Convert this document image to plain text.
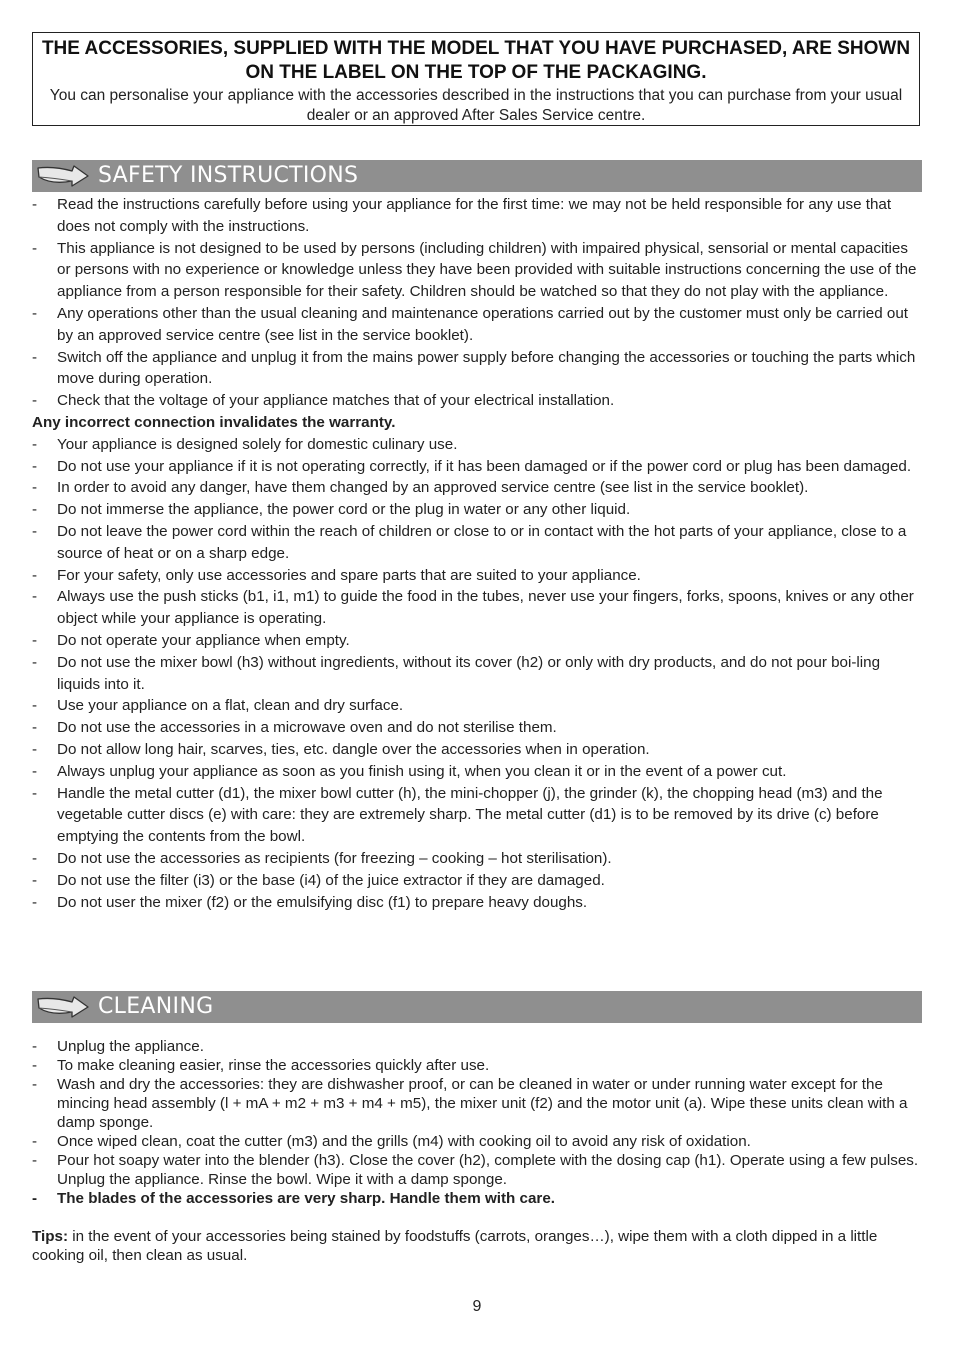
THE ACCESSORIES, SUPPLIED WITH THE MODEL THAT YOU HAVE PURCHASED, ARE SHOWN ON THE LABEL ON THE TOP OF THE PACKAGING.
You can personalise your appliance with the accessories described in the instructions that you can purchase from your usual dealer or an approved After Sales Service centre.
SAFETY INSTRUCTIONS
- Read the instructions carefully before using your appliance for the first time: we may not be held responsible for any use that does not comply with the instructions.
- This appliance is not designed to be used by persons (including children) with impaired physical, sensorial or mental capacities or persons with no experience or knowledge unless they have been provided with suitable instructions concerning the use of the appliance from a person responsible for their safety. Children should be watched so that they do not play with the appliance.
- Any operations other than the usual cleaning and maintenance operations carried out by the customer must only be carried out by an approved service centre (see list in the service booklet).
- Switch off the appliance and unplug it from the mains power supply before changing the accessories or touching the parts which move during operation.
- Check that the voltage of your appliance matches that of your electrical installation.
Any incorrect connection invalidates the warranty.
- Your appliance is designed solely for domestic culinary use.
- Do not use your appliance if it is not operating correctly, if it has been damaged or if the power cord or plug has been damaged.
- In order to avoid any danger, have them changed by an approved service centre (see list in the service booklet).
- Do not immerse the appliance, the power cord or the plug in water or any other liquid.
- Do not leave the power cord within the reach of children or close to or in contact with the hot parts of your appliance, close to a source of heat or on a sharp edge.
- For your safety, only use accessories and spare parts that are suited to your appliance.
- Always use the push sticks (b1, i1, m1) to guide the food in the tubes, never use your fingers, forks, spoons, knives or any other object while your appliance is operating.
- Do not operate your appliance when empty.
- Do not use the mixer bowl (h3) without ingredients, without its cover (h2) or only with dry products, and do not pour boi-ling liquids into it.
- Use your appliance on a flat, clean and dry surface.
- Do not use the accessories in a microwave oven and do not sterilise them.
- Do not allow long hair, scarves, ties, etc. dangle over the accessories when in operation.
- Always unplug your appliance as soon as you finish using it, when you clean it or in the event of a power cut.
- Handle the metal cutter (d1), the mixer bowl cutter (h), the mini-chopper (j), the grinder (k), the chopping head (m3) and the vegetable cutter discs (e) with care: they are extremely sharp. The metal cutter (d1) is to be removed by its drive (c) before emptying the contents from the bowl.
- Do not use the accessories as recipients (for freezing – cooking – hot sterilisation).
- Do not use the filter (i3) or the base (i4) of the juice extractor if they are damaged.
- Do not user the mixer (f2) or the emulsifying disc (f1) to prepare heavy doughs.
CLEANING
- Unplug the appliance.
- To make cleaning easier, rinse the accessories quickly after use.
- Wash and dry the accessories: they are dishwasher proof, or can be cleaned in water or under running water except for the mincing head assembly (l + mA + m2 + m3 + m4 + m5), the mixer unit (f2) and the motor unit (a). Wipe these units clean with a damp sponge.
- Once wiped clean, coat the cutter (m3) and the grills (m4) with cooking oil to avoid any risk of oxidation.
- Pour hot soapy water into the blender (h3). Close the cover (h2), complete with the dosing cap (h1). Operate using a few pulses. Unplug the appliance. Rinse the bowl. Wipe it with a damp sponge.
- The blades of the accessories are very sharp. Handle them with care.
Tips: in the event of your accessories being stained by foodstuffs (carrots, oranges…), wipe them with a cloth dipped in a little cooking oil, then clean as usual.
9
